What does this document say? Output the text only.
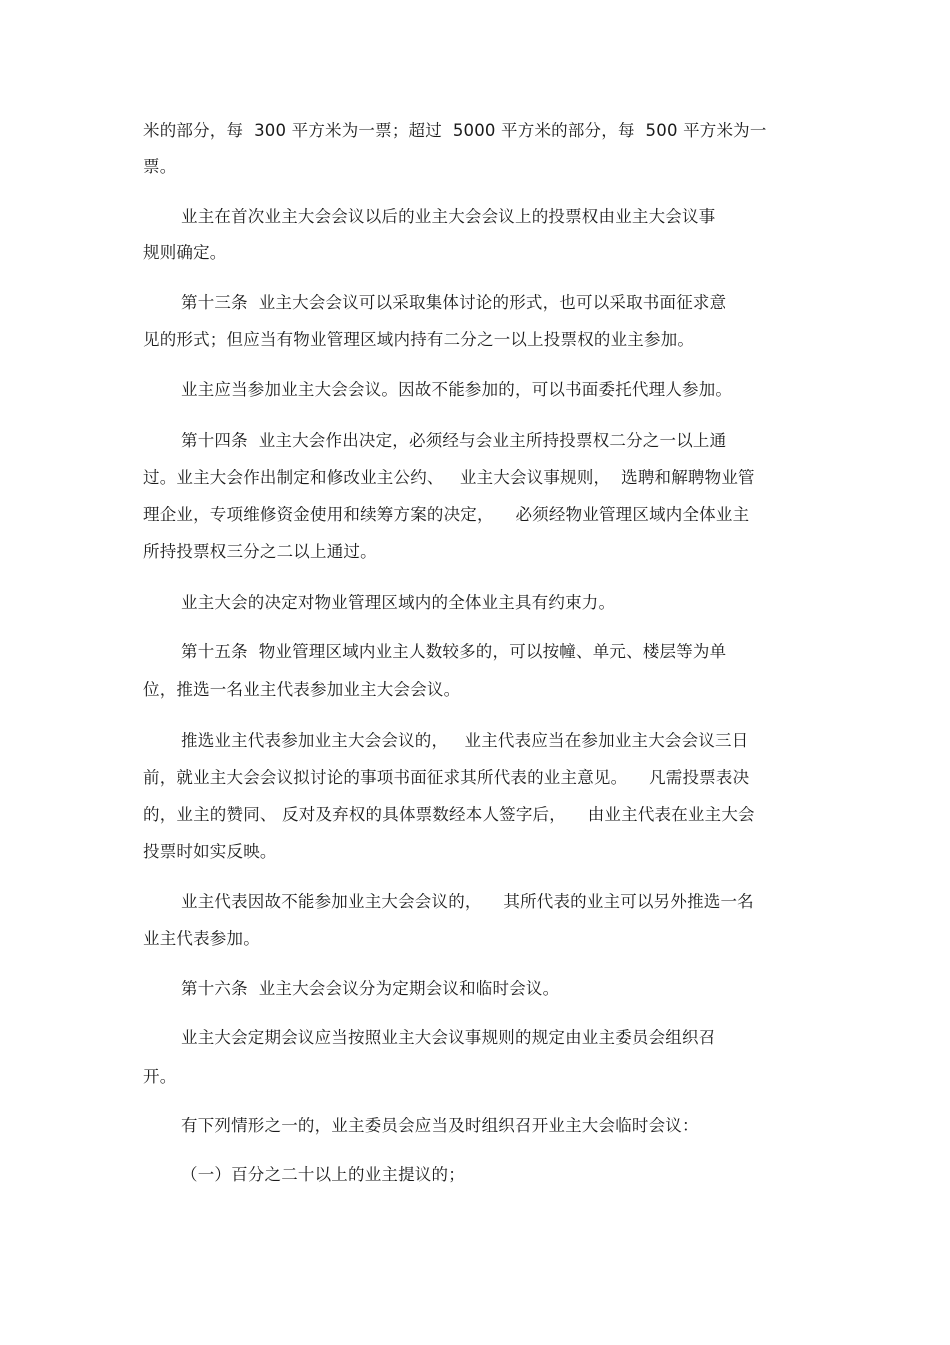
米的部分，每  300 平方米为一票；超过  5000 平方米的部分，每  500 平方米为一
票。
业主在首次业主大会会议以后的业主大会会议上的投票权由业主大会议事
规则确定。
第十三条  业主大会会议可以采取集体讨论的形式，也可以采取书面征求意
见的形式；但应当有物业管理区域内持有二分之一以上投票权的业主参加。
业主应当参加业主大会会议。因故不能参加的，可以书面委托代理人参加。
第十四条  业主大会作出决定，必须经与会业主所持投票权二分之一以上通
过。业主大会作出制定和修改业主公约、   业主大会议事规则，  选聘和解聘物业管
理企业，专项维修资金使用和续筹方案的决定，    必须经物业管理区域内全体业主
所持投票权三分之二以上通过。
业主大会的决定对物业管理区域内的全体业主具有约束力。
第十五条  物业管理区域内业主人数较多的，可以按幢、单元、楼层等为单
位，推选一名业主代表参加业主大会会议。
推选业主代表参加业主大会会议的，   业主代表应当在参加业主大会会议三日
前，就业主大会会议拟讨论的事项书面征求其所代表的业主意见。    凡需投票表决
的，业主的赞同、 反对及弃权的具体票数经本人签字后，    由业主代表在业主大会
投票时如实反映。
业主代表因故不能参加业主大会会议的，    其所代表的业主可以另外推选一名
业主代表参加。
第十六条  业主大会会议分为定期会议和临时会议。
业主大会定期会议应当按照业主大会议事规则的规定由业主委员会组织召
开。
有下列情形之一的，业主委员会应当及时组织召开业主大会临时会议：
（一）百分之二十以上的业主提议的；
